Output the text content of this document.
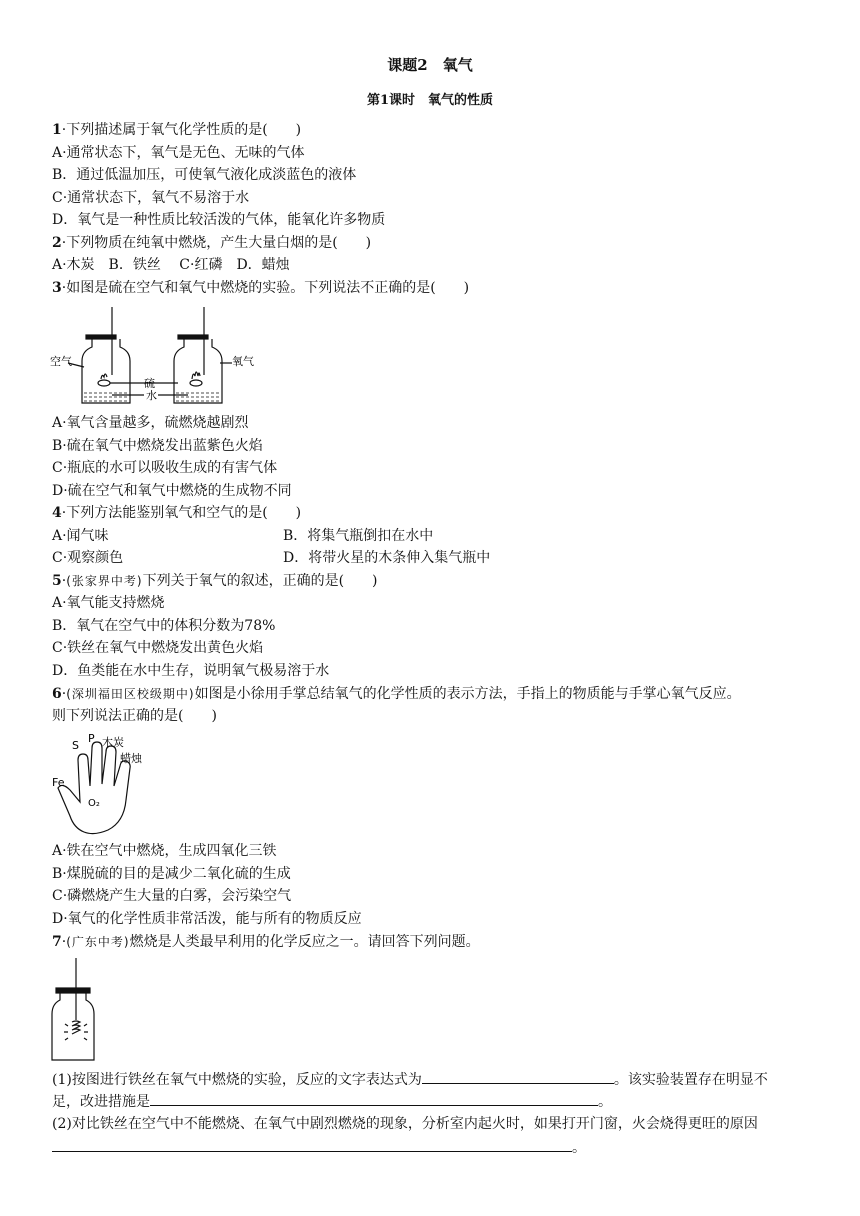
课题2　氧气
第1课时　氧气的性质
1·下列描述属于氧气化学性质的是(　　)
A·通常状态下，氧气是无色、无味的气体
B．通过低温加压，可使氧气液化成淡蓝色的液体
C·通常状态下，氧气不易溶于水
D．氧气是一种性质比较活泼的气体，能氧化许多物质
2·下列物质在纯氧中燃烧，产生大量白烟的是(　　)
A·木炭　B．铁丝　 C·红磷　D．蜡烛
3·如图是硫在空气和氧气中燃烧的实验。下列说法不正确的是(　　)
空气	氧气
硫
水
A·氧气含量越多，硫燃烧越剧烈
B·硫在氧气中燃烧发出蓝紫色火焰
C·瓶底的水可以吸收生成的有害气体
D·硫在空气和氧气中燃烧的生成物不同
4·下列方法能鉴别氧气和空气的是(　　)
A·闻气味	B．将集气瓶倒扣在水中
C·观察颜色	D．将带火星的木条伸入集气瓶中
5·(张家界中考)下列关于氧气的叙述，正确的是(　　)
A·氧气能支持燃烧
B．氧气在空气中的体积分数为78%
C·铁丝在氧气中燃烧发出黄色火焰
D．鱼类能在水中生存，说明氧气极易溶于水
6·(深圳福田区校级期中)如图是小徐用手掌总结氧气的化学性质的表示方法，手指上的物质能与手掌心氧气反应。
则下列说法正确的是(　　)
Fe
S
P 木炭
蜡烛
O₂
A·铁在空气中燃烧，生成四氧化三铁
B·煤脱硫的目的是减少二氧化硫的生成
C·磷燃烧产生大量的白雾，会污染空气
D·氧气的化学性质非常活泼，能与所有的物质反应
7·(广东中考)燃烧是人类最早利用的化学反应之一。请回答下列问题。
(1)按图进行铁丝在氧气中燃烧的实验，反应的文字表达式为	。该实验装置存在明显不
足，改进措施是	。
(2)对比铁丝在空气中不能燃烧、在氧气中剧烈燃烧的现象，分析室内起火时，如果打开门窗，火会烧得更旺的原因
。
